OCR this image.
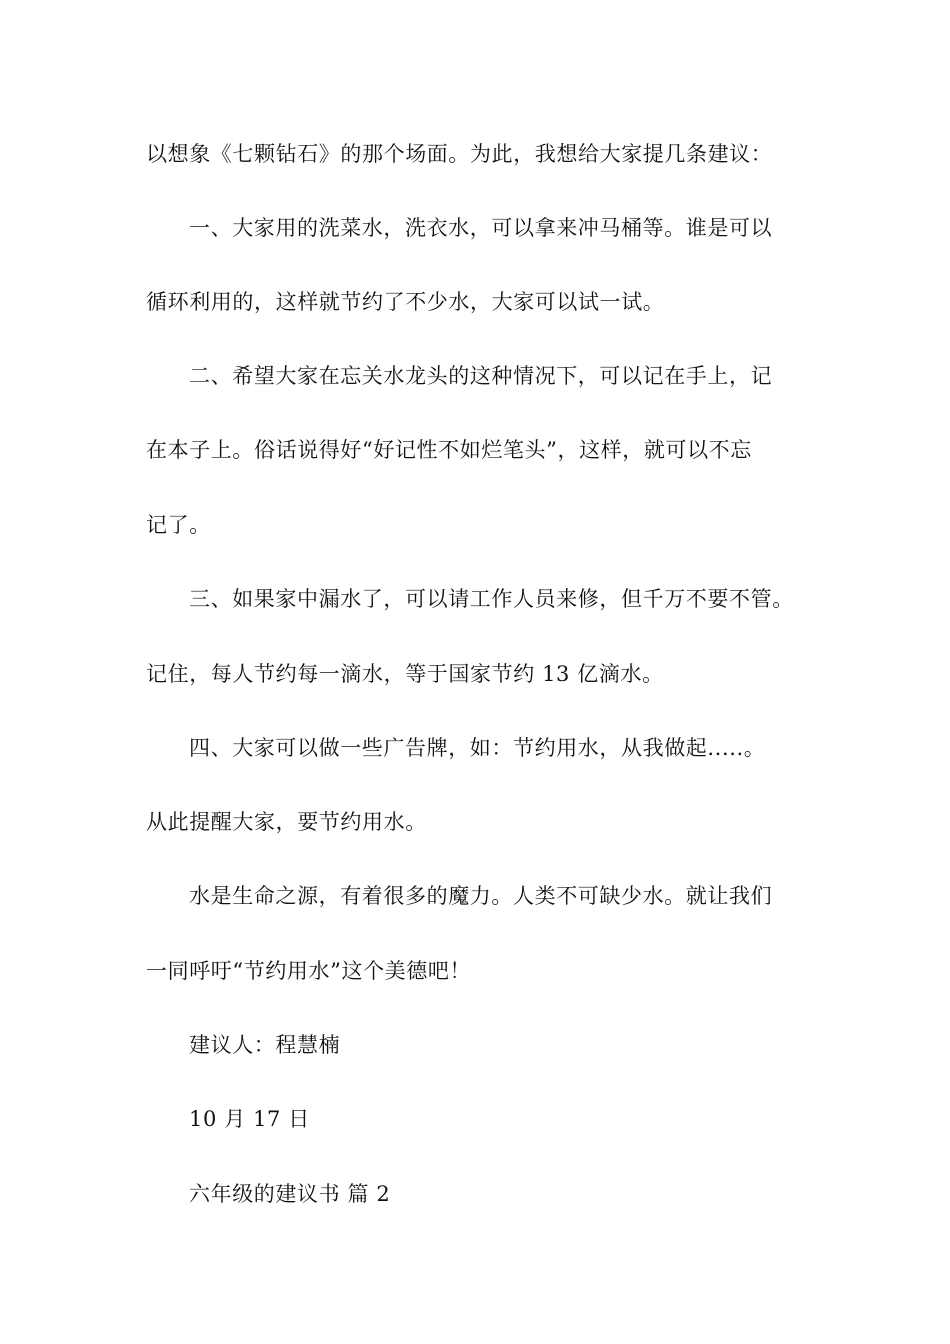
以想象《七颗钻石》的那个场面。为此，我想给大家提几条建议：
一、大家用的洗菜水，洗衣水，可以拿来冲马桶等。谁是可以
循环利用的，这样就节约了不少水，大家可以试一试。
二、希望大家在忘关水龙头的这种情况下，可以记在手上，记
在本子上。俗话说得好“好记性不如烂笔头”，这样，就可以不忘
记了。
三、如果家中漏水了，可以请工作人员来修，但千万不要不管。
记住，每人节约每一滴水，等于国家节约 13 亿滴水。
四、大家可以做一些广告牌，如：节约用水，从我做起.....。
从此提醒大家，要节约用水。
水是生命之源，有着很多的魔力。人类不可缺少水。就让我们
一同呼吁“节约用水”这个美德吧！
建议人：程慧楠
10 月 17 日
六年级的建议书 篇 2
